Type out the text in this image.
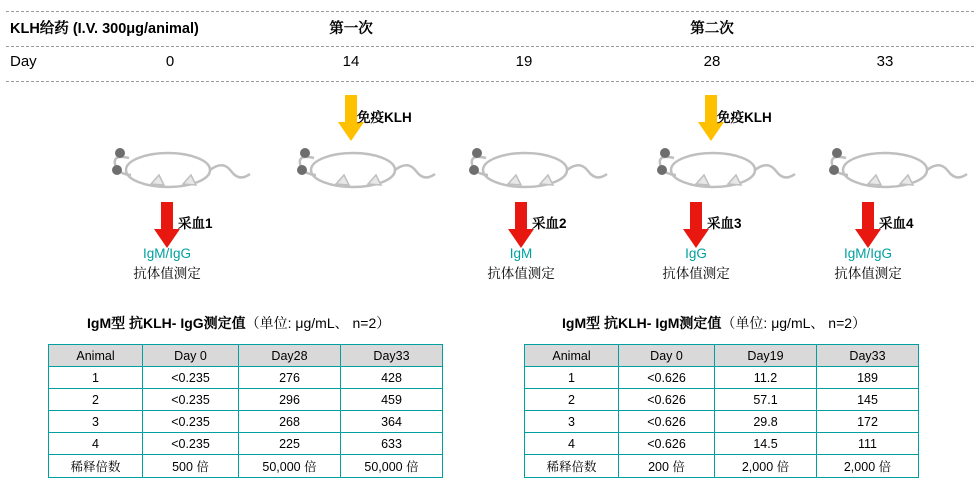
KLH给药 (I.V. 300μg/animal)
Day
第一次	第二次
0	14	19	28	33
免疫KLH	免疫KLH
采血1
IgM/IgG
抗体值测定
采血2
IgM
抗体值测定
采血3
IgG
抗体值测定
采血4
IgM/IgG
抗体值测定
IgM型 抗KLH- IgG测定值（单位: μg/mL、 n=2）
Animal	Day 0	Day28	Day33
1	<0.235	276	428
2	<0.235	296	459
3	<0.235	268	364
4	<0.235	225	633
稀释倍数	500 倍	50,000 倍	50,000 倍
IgM型 抗KLH- IgM测定值（单位: μg/mL、 n=2）
Animal	Day 0	Day19	Day33
1	<0.626	11.2	189
2	<0.626	57.1	145
3	<0.626	29.8	172
4	<0.626	14.5	111
稀释倍数	200 倍	2,000 倍	2,000 倍
